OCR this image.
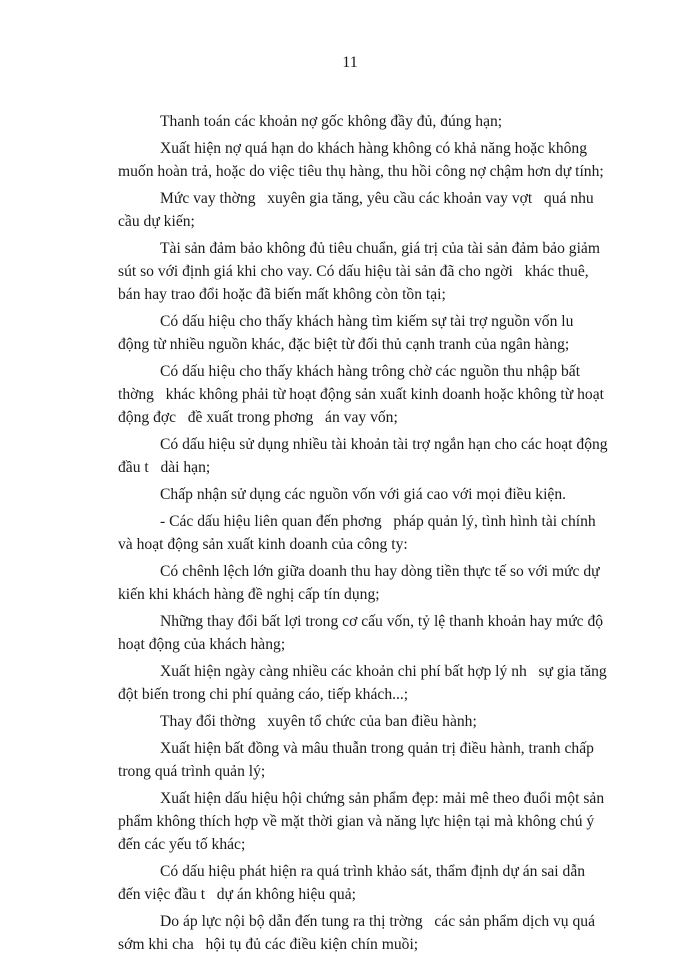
11
Thanh toán các khoản nợ gốc không đầy đủ, đúng hạn;
Xuất hiện nợ quá hạn do khách hàng không có khả năng hoặc không
muốn hoàn trả, hoặc do việc tiêu thụ hàng, thu hồi công nợ chậm hơn dự tính;
Mức vay thờng   xuyên gia tăng, yêu cầu các khoản vay vợt   quá nhu
cầu dự kiến;
Tài sản đảm bảo không đủ tiêu chuẩn, giá trị của tài sản đảm bảo giảm
sút so với định giá khi cho vay. Có dấu hiệu tài sản đã cho ngời   khác thuê,
bán hay trao đổi hoặc đã biến mất không còn tồn tại;
Có dấu hiệu cho thấy khách hàng tìm kiếm sự tài trợ nguồn vốn lu
động từ nhiều nguồn khác, đặc biệt từ đối thủ cạnh tranh của ngân hàng;
Có dấu hiệu cho thấy khách hàng trông chờ các nguồn thu nhập bất
thờng   khác không phải từ hoạt động sản xuất kinh doanh hoặc không từ hoạt
động đợc   đề xuất trong phơng   án vay vốn;
Có dấu hiệu sử dụng nhiều tài khoản tài trợ ngắn hạn cho các hoạt động
đầu t   dài hạn;
Chấp nhận sử dụng các nguồn vốn với giá cao với mọi điều kiện.
- Các dấu hiệu liên quan đến phơng   pháp quản lý, tình hình tài chính
và hoạt động sản xuất kinh doanh của công ty:
Có chênh lệch lớn giữa doanh thu hay dòng tiền thực tế so với mức dự
kiến khi khách hàng đề nghị cấp tín dụng;
Những thay đổi bất lợi trong cơ cấu vốn, tỷ lệ thanh khoản hay mức độ
hoạt động của khách hàng;
Xuất hiện ngày càng nhiều các khoản chi phí bất hợp lý nh   sự gia tăng
đột biến trong chi phí quảng cáo, tiếp khách...;
Thay đổi thờng   xuyên tổ chức của ban điều hành;
Xuất hiện bất đồng và mâu thuẫn trong quản trị điều hành, tranh chấp
trong quá trình quản lý;
Xuất hiện dấu hiệu hội chứng sản phẩm đẹp: mải mê theo đuổi một sản
phẩm không thích hợp về mặt thời gian và năng lực hiện tại mà không chú ý
đến các yếu tố khác;
Có dấu hiệu phát hiện ra quá trình khảo sát, thẩm định dự án sai dẫn
đến việc đầu t   dự án không hiệu quả;
Do áp lực nội bộ dẫn đến tung ra thị trờng   các sản phẩm dịch vụ quá
sớm khi cha   hội tụ đủ các điều kiện chín muồi;
